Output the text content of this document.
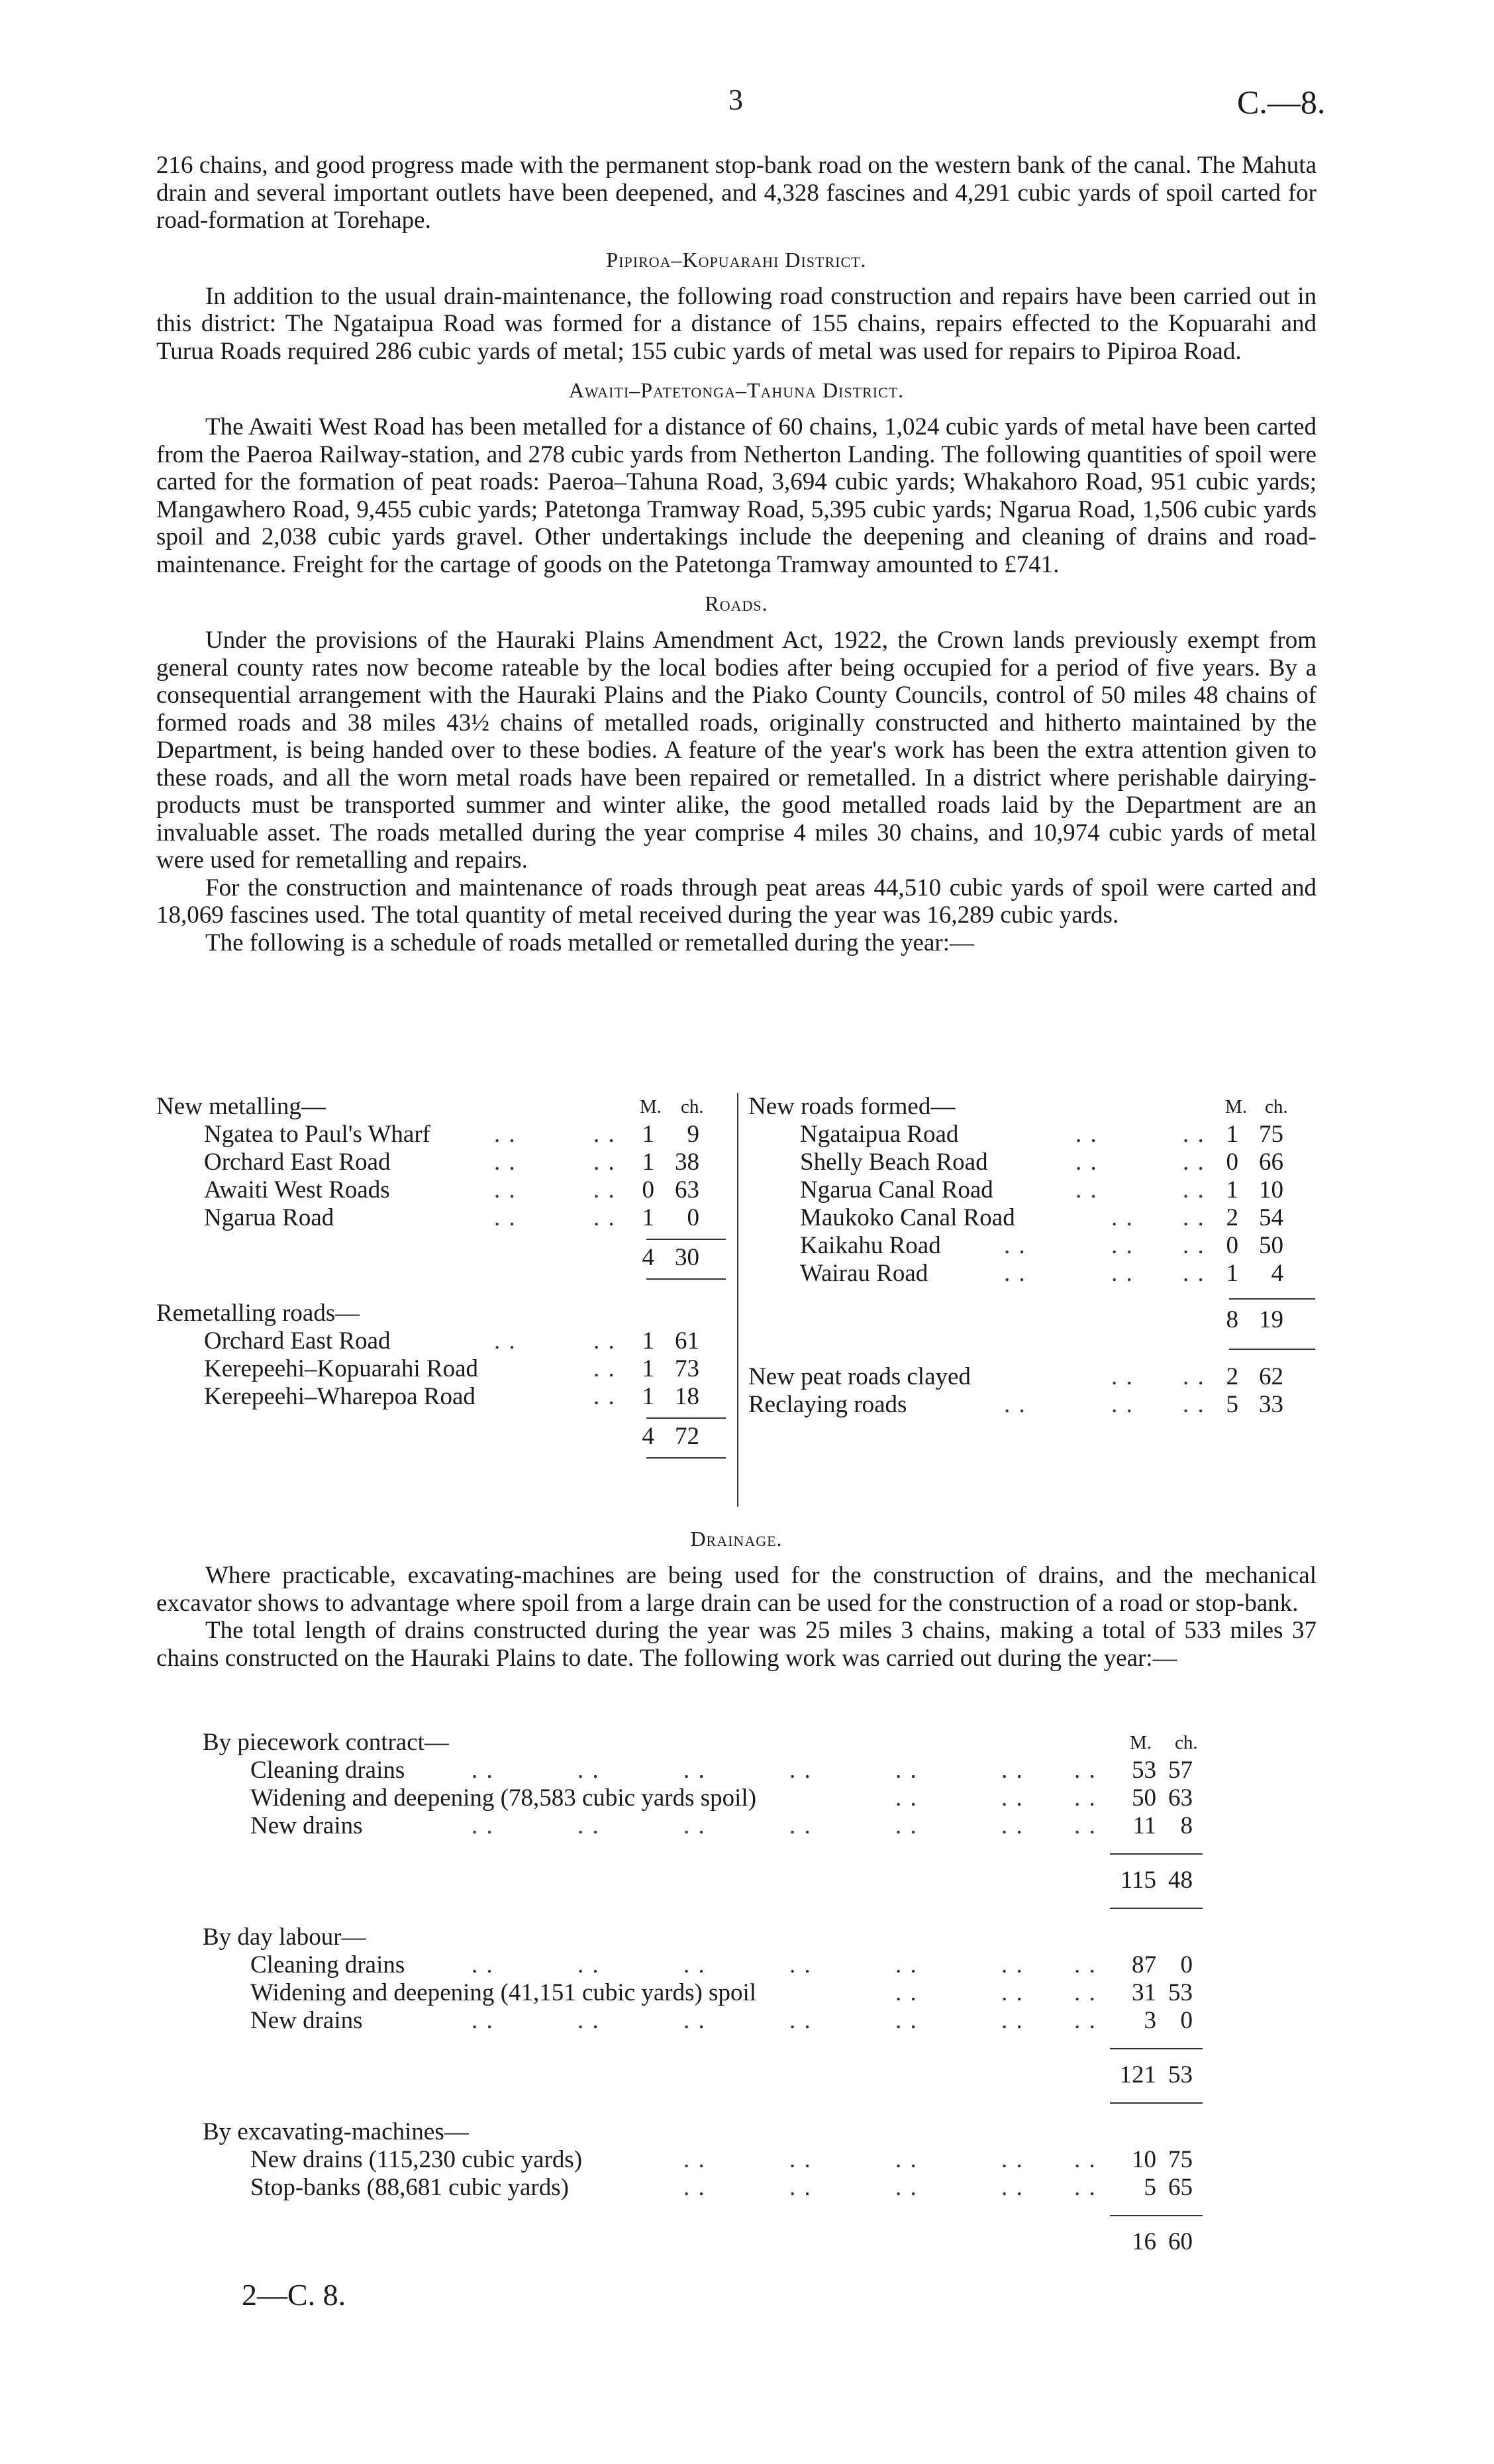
3	C.—8.

216 chains, and good progress made with the permanent stop-bank road on the western bank of the canal. The Mahuta drain and several important outlets have been deepened, and 4,328 fascines and 4,291 cubic yards of spoil carted for road-formation at Torehape.

Pipiroa–Kopuarahi District.

In addition to the usual drain-maintenance, the following road construction and repairs have been carried out in this district: The Ngataipua Road was formed for a distance of 155 chains, repairs effected to the Kopuarahi and Turua Roads required 286 cubic yards of metal; 155 cubic yards of metal was used for repairs to Pipiroa Road.

Awaiti–Patetonga–Tahuna District.

The Awaiti West Road has been metalled for a distance of 60 chains, 1,024 cubic yards of metal have been carted from the Paeroa Railway-station, and 278 cubic yards from Netherton Landing. The following quantities of spoil were carted for the formation of peat roads: Paeroa–Tahuna Road, 3,694 cubic yards; Whakahoro Road, 951 cubic yards; Mangawhero Road, 9,455 cubic yards; Patetonga Tramway Road, 5,395 cubic yards; Ngarua Road, 1,506 cubic yards spoil and 2,038 cubic yards gravel. Other undertakings include the deepening and cleaning of drains and road-maintenance. Freight for the cartage of goods on the Patetonga Tramway amounted to £741.

Roads.

Under the provisions of the Hauraki Plains Amendment Act, 1922, the Crown lands previously exempt from general county rates now become rateable by the local bodies after being occupied for a period of five years. By a consequential arrangement with the Hauraki Plains and the Piako County Councils, control of 50 miles 48 chains of formed roads and 38 miles 43½ chains of metalled roads, originally constructed and hitherto maintained by the Department, is being handed over to these bodies. A feature of the year's work has been the extra attention given to these roads, and all the worn metal roads have been repaired or remetalled. In a district where perishable dairying-products must be transported summer and winter alike, the good metalled roads laid by the Department are an invaluable asset. The roads metalled during the year comprise 4 miles 30 chains, and 10,974 cubic yards of metal were used for remetalling and repairs.

For the construction and maintenance of roads through peat areas 44,510 cubic yards of spoil were carted and 18,069 fascines used. The total quantity of metal received during the year was 16,289 cubic yards.

The following is a schedule of roads metalled or remetalled during the year:—

New metalling—	M. ch.
Ngatea to Paul's Wharf	. .	. .	1	9
Orchard East Road	. .	. .	1 38
Awaiti West Roads	. .	. .	0 63
Ngarua Road	. .	. .	1	0
4 30
Remetalling roads—
Orchard East Road	. .	. .	1 61
Kerepeehi–Kopuarahi Road	. .	1 73
Kerepeehi–Wharepoa Road	. .	1 18
4 72
New roads formed—	M. ch.
Ngataipua Road	. .	. . 1 75
Shelly Beach Road	. .	. . 0 66
Ngarua Canal Road	. .	. . 1 10
Maukoko Canal Road	. . . . 2 54
Kaikahu Road	. .	. . . . 0 50
Wairau Road	. .	. . . . 1	4
8 19
New peat roads clayed	. . . . 2 62
Reclaying roads	. .	. . . . 5 33
Drainage.

Where practicable, excavating-machines are being used for the construction of drains, and the mechanical excavator shows to advantage where spoil from a large drain can be used for the construction of a road or stop-bank.

The total length of drains constructed during the year was 25 miles 3 chains, making a total of 533 miles 37 chains constructed on the Hauraki Plains to date. The following work was carried out during the year:—

By piecework contract—	M. ch.
Cleaning drains	. .	. .	. .	. .	. .	. . . .	53 57
Widening and deepening (78,583 cubic yards spoil)	. .	. . . .	50 63
New drains	. .	. .	. .	. .	. .	. . . .	11 8
115 48
By day labour—
Cleaning drains	. .	. .	. .	. .	. .	. . . .	87 0
Widening and deepening (41,151 cubic yards) spoil	. .	. . . .	31 53
New drains	. .	. .	. .	. .	. .	. . . .	3 0
121 53
By excavating-machines—
New drains (115,230 cubic yards)	. .	. .	. .	. . . .	10 75
Stop-banks (88,681 cubic yards)	. .	. .	. .	. . . .	5 65
16 60
2—C. 8.
